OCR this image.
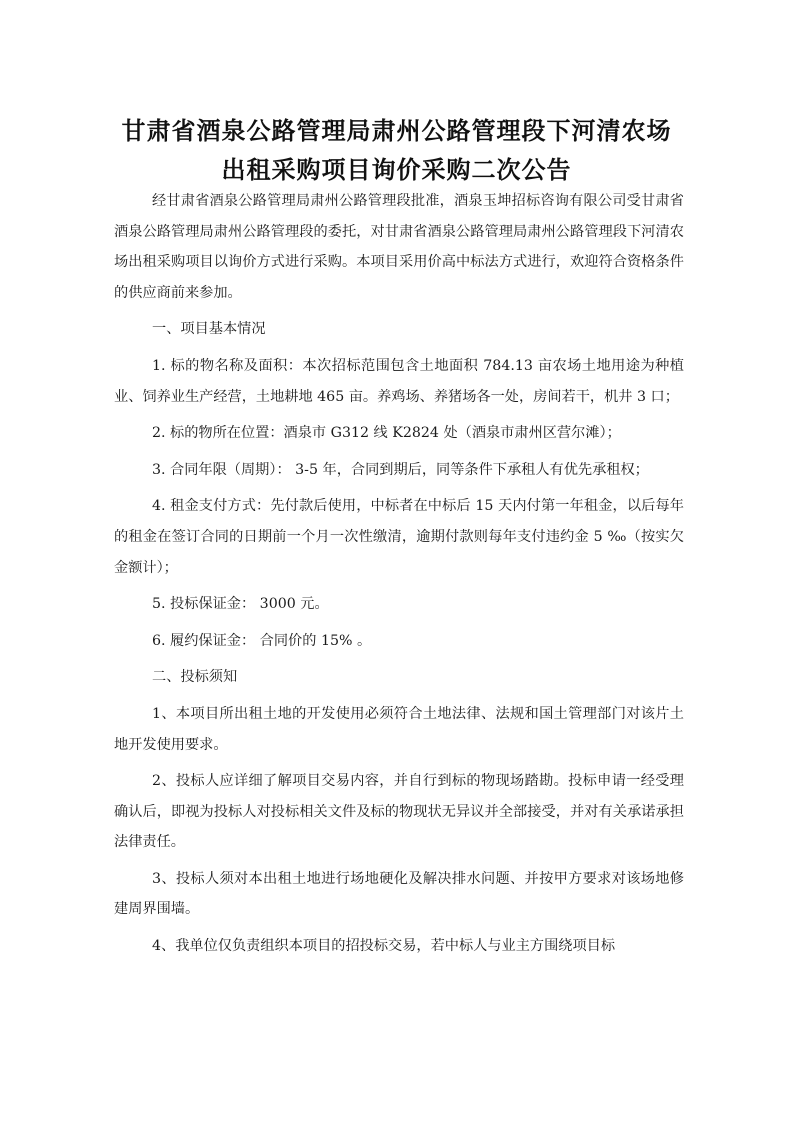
甘肃省酒泉公路管理局肃州公路管理段下河清农场
出租采购项目询价采购二次公告

经甘肃省酒泉公路管理局肃州公路管理段批准，酒泉玉坤招标咨询有限公司受甘肃省酒泉公路管理局肃州公路管理段的委托，对甘肃省酒泉公路管理局肃州公路管理段下河清农场出租采购项目以询价方式进行采购。本项目采用价高中标法方式进行，欢迎符合资格条件的供应商前来参加。

一、项目基本情况

1. 标的物名称及面积：本次招标范围包含土地面积 784.13 亩农场土地用途为种植业、饲养业生产经营，土地耕地 465 亩。养鸡场、养猪场各一处，房间若干，机井 3 口；

2. 标的物所在位置：酒泉市 G312 线 K2824 处（酒泉市肃州区营尔滩）；

3. 合同年限（周期）： 3-5 年，合同到期后，同等条件下承租人有优先承租权；

4. 租金支付方式：先付款后使用，中标者在中标后 15 天内付第一年租金，以后每年的租金在签订合同的日期前一个月一次性缴清，逾期付款则每年支付违约金 5 ‰（按实欠金额计）；

5. 投标保证金： 3000 元。

6. 履约保证金： 合同价的 15% 。

二、投标须知

1、本项目所出租土地的开发使用必须符合土地法律、法规和国土管理部门对该片土地开发使用要求。

2、投标人应详细了解项目交易内容，并自行到标的物现场踏勘。投标申请一经受理确认后，即视为投标人对投标相关文件及标的物现状无异议并全部接受，并对有关承诺承担法律责任。

3、投标人须对本出租土地进行场地硬化及解决排水问题、并按甲方要求对该场地修建周界围墙。

4、我单位仅负责组织本项目的招投标交易，若中标人与业主方围绕项目标
